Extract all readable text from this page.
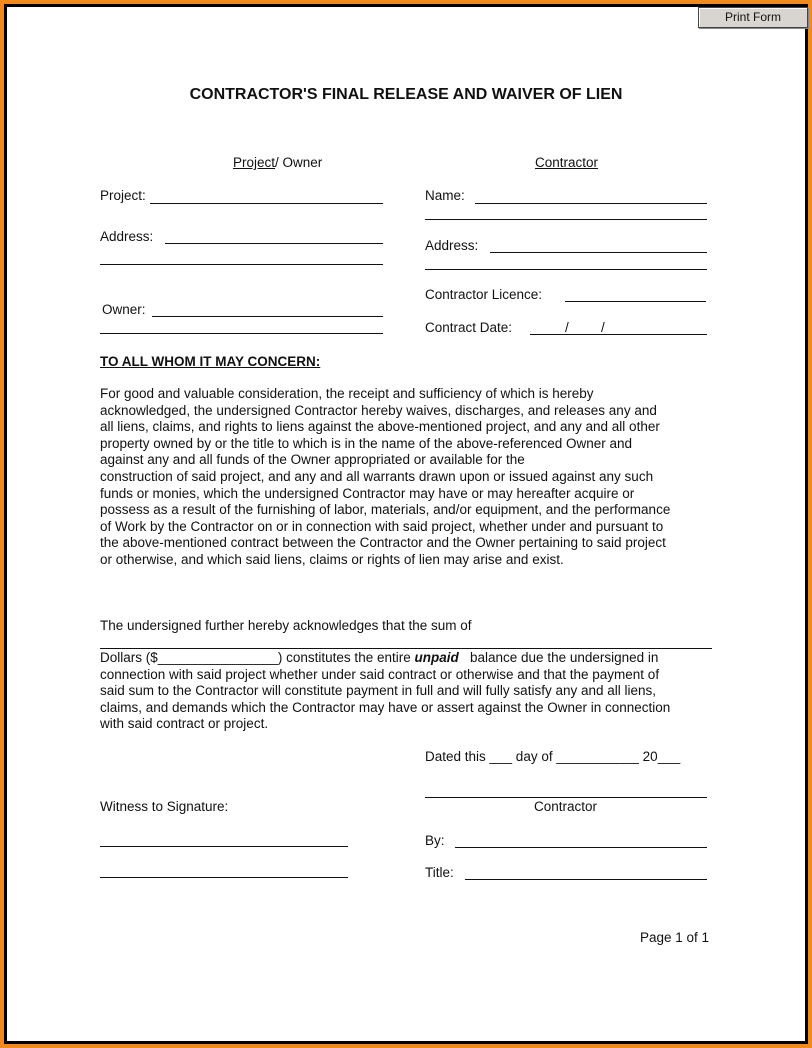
Print Form
CONTRACTOR'S FINAL RELEASE AND WAIVER OF LIEN
Project/ Owner	Contractor
Project:
Address:
Owner:
Name:
Address:
Contractor Licence:
Contract Date:	/ /
TO ALL WHOM IT MAY CONCERN:
For good and valuable consideration, the receipt and sufficiency of which is hereby
acknowledged, the undersigned Contractor hereby waives, discharges, and releases any and
all liens, claims, and rights to liens against the above-mentioned project, and any and all other
property owned by or the title to which is in the name of the above-referenced Owner and
against any and all funds of the Owner appropriated or available for the
construction of said project, and any and all warrants drawn upon or issued against any such
funds or monies, which the undersigned Contractor may have or may hereafter acquire or
possess as a result of the furnishing of labor, materials, and/or equipment, and the performance
of Work by the Contractor on or in connection with said project, whether under and pursuant to
the above-mentioned contract between the Contractor and the Owner pertaining to said project
or otherwise, and which said liens, claims or rights of lien may arise and exist.
The undersigned further hereby acknowledges that the sum of
Dollars ($________________) constitutes the entire unpaid balance due the undersigned in
connection with said project whether under said contract or otherwise and that the payment of
said sum to the Contractor will constitute payment in full and will fully satisfy any and all liens,
claims, and demands which the Contractor may have or assert against the Owner in connection
with said contract or project.
Dated this ___ day of ___________ 20___
Contractor
Witness to Signature:
By:
Title:
Page 1 of 1
